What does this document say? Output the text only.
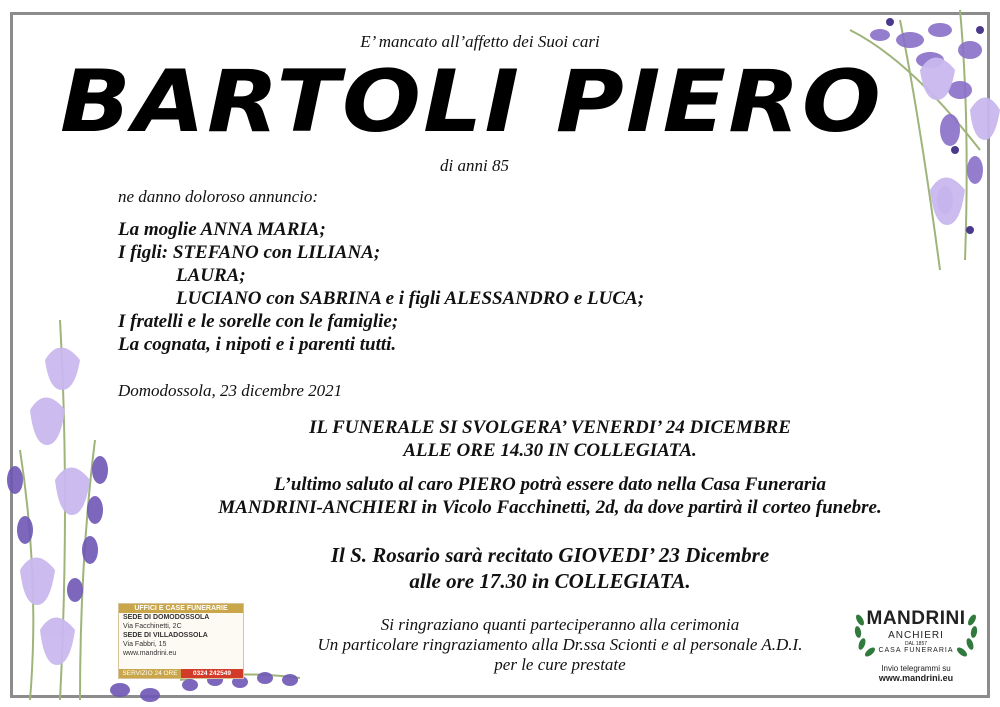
E’ mancato all’affetto dei Suoi cari
BARTOLI PIERO
di anni 85
ne danno doloroso annuncio:
La moglie ANNA MARIA;
I figli: STEFANO con LILIANA;
LAURA;
LUCIANO con SABRINA e i figli ALESSANDRO e LUCA;
I fratelli e le sorelle con le famiglie;
La cognata, i nipoti e i parenti tutti.
Domodossola, 23 dicembre 2021
IL FUNERALE SI SVOLGERA’ VENERDI’ 24 DICEMBRE
ALLE ORE 14.30 IN COLLEGIATA.
L’ultimo saluto al caro PIERO potrà essere dato nella Casa Funeraria
MANDRINI-ANCHIERI in Vicolo Facchinetti, 2d, da dove partirà il corteo funebre.
Il S. Rosario sarà recitato GIOVEDI’ 23 Dicembre
alle ore 17.30 in COLLEGIATA.
Si ringraziano quanti parteciperanno alla cerimonia
Un particolare ringraziamento alla Dr.ssa Scionti e al personale A.D.I.
per le cure prestate
UFFICI E CASE FUNERARIE
SEDE DI DOMODOSSOLA
Via Facchinetti, 2C
SEDE DI VILLADOSSOLA
Via Fabbri, 15
www.mandrini.eu
SERVIZIO 24 ORE	0324 242549
MANDRINI
ANCHIERI
DAL 1857
CASA FUNERARIA
Invio telegrammi su
www.mandrini.eu
